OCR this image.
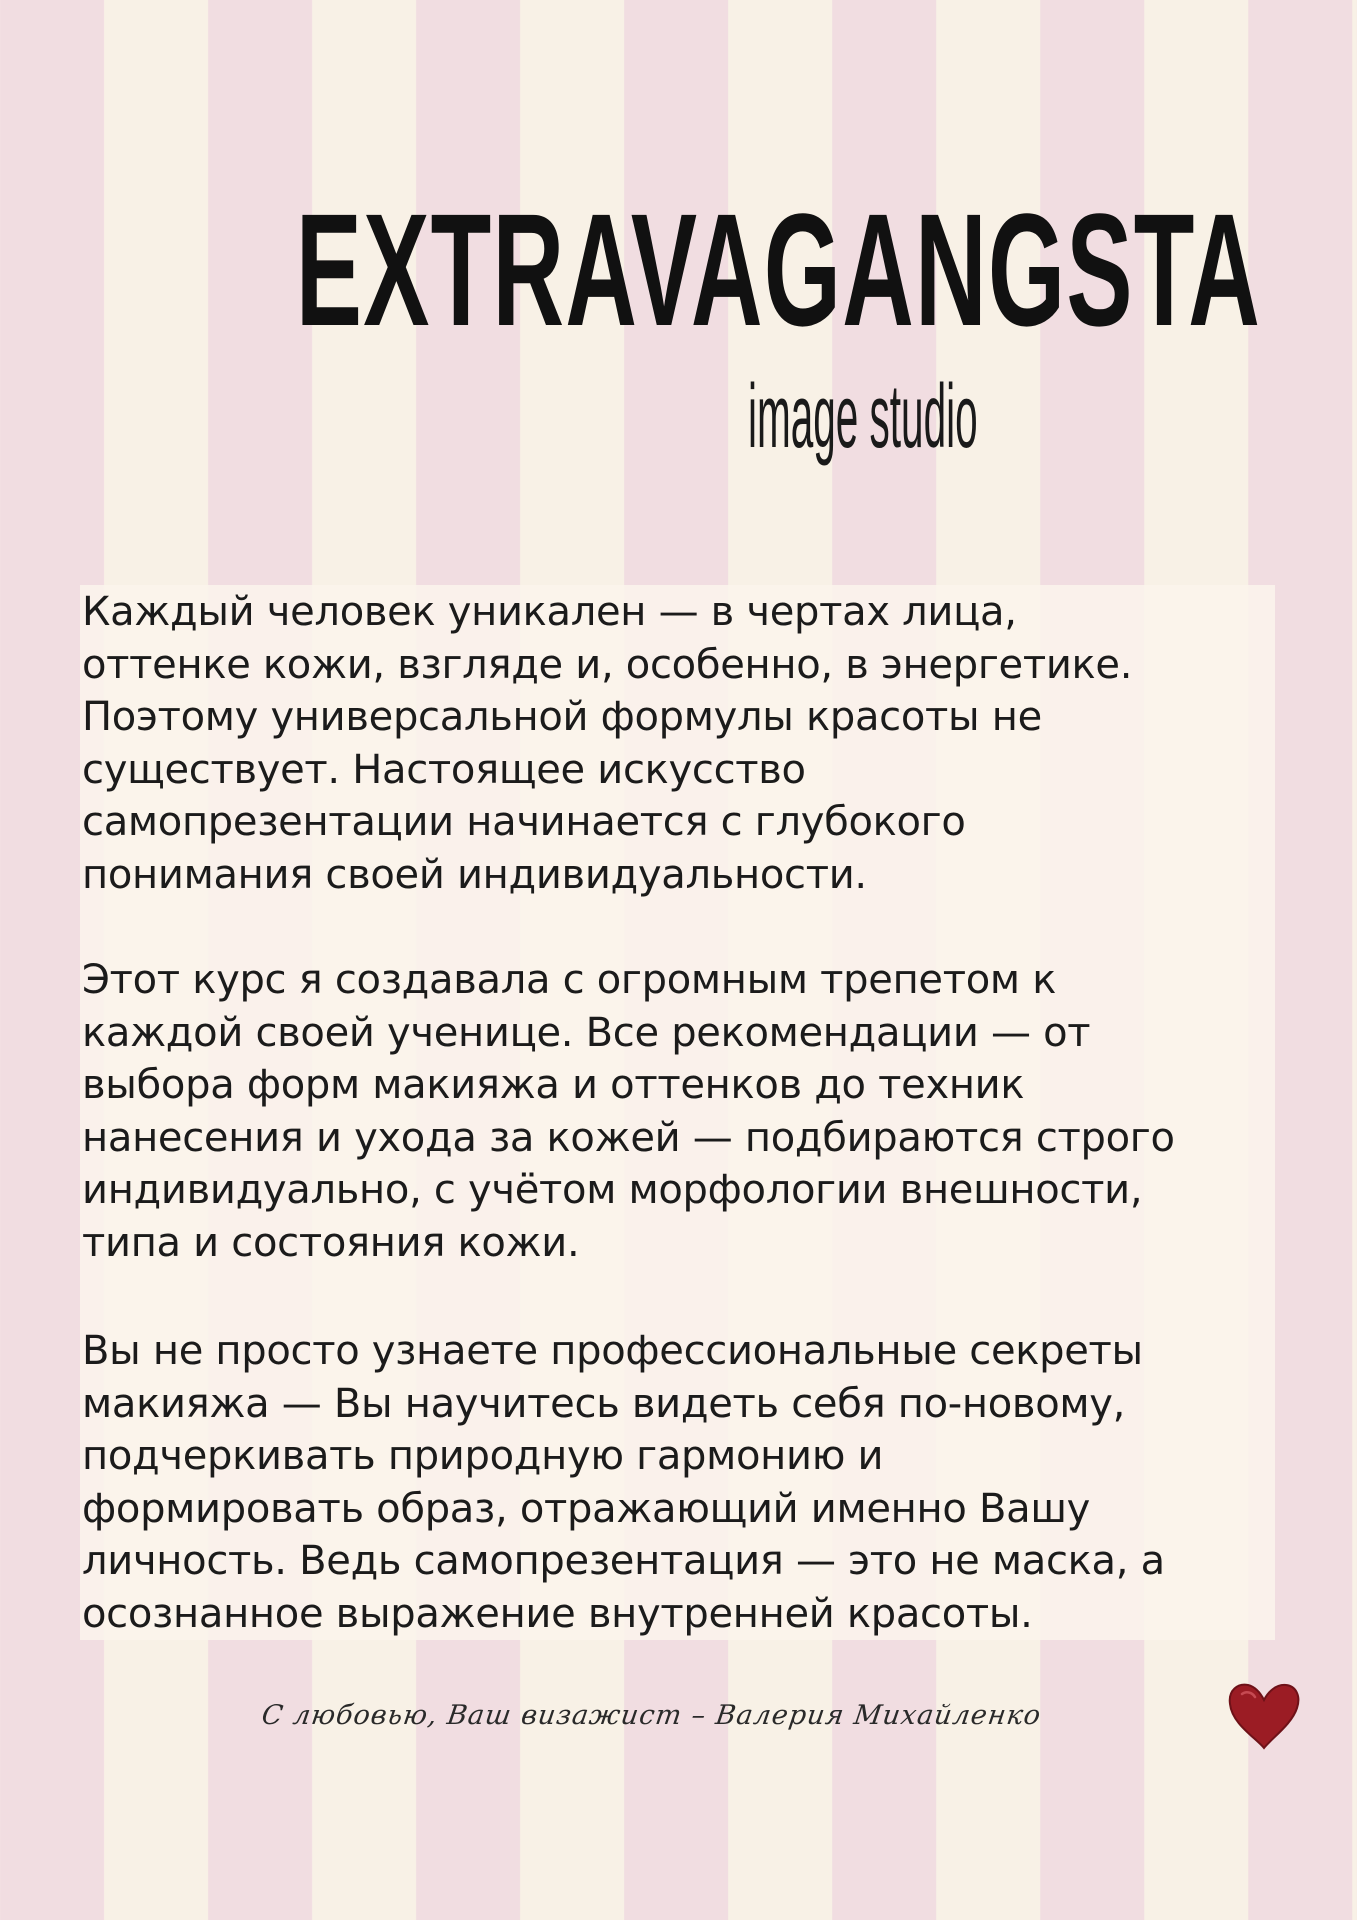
EXTRAVAGANGSTA
image studio
Каждый человек уникален — в чертах лица,
оттенке кожи, взгляде и, особенно, в энергетике.
Поэтому универсальной формулы красоты не
существует. Настоящее искусство
самопрезентации начинается с глубокого
понимания своей индивидуальности.
Этот курс я создавала с огромным трепетом к
каждой своей ученице. Все рекомендации — от
выбора форм макияжа и оттенков до техник
нанесения и ухода за кожей — подбираются строго
индивидуально, с учётом морфологии внешности,
типа и состояния кожи.
Вы не просто узнаете профессиональные секреты
макияжа — Вы научитесь видеть себя по-новому,
подчеркивать природную гармонию и
формировать образ, отражающий именно Вашу
личность. Ведь самопрезентация — это не маска, а
осознанное выражение внутренней красоты.
С любовью, Ваш визажист – Валерия Михайленко
